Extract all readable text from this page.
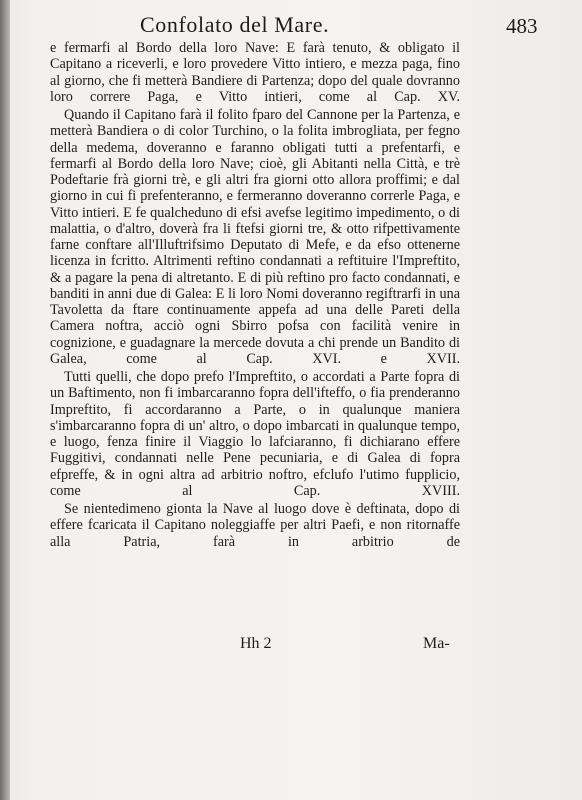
Confolato del Mare.	483

e fermarfi al Bordo della loro Nave: E farà tenuto, & obligato il Capitano a riceverli, e loro provedere Vitto intiero, e mezza paga, fino al giorno, che fi metterà Bandiere di Partenza; dopo del quale dovranno loro correre Paga, e Vitto intieri, come al Cap. XV.

Quando il Capitano farà il folito fparo del Cannone per la Partenza, e metterà Bandiera o di color Turchino, o la folita imbrogliata, per fegno della medema, doveranno e faranno obligati tutti a prefentarfi, e fermarfi al Bordo della loro Nave; cioè, gli Abitanti nella Città, e trè Podeftarie frà giorni trè, e gli altri fra giorni otto allora proffimi; e dal giorno in cui fi prefenteranno, e fermeranno doveranno correrle Paga, e Vitto intieri. E fe qualcheduno di efsi avefse legitimo impedimento, o di malattia, o d'altro, doverà fra li ftefsi giorni tre, & otto rifpettivamente farne conftare all'Illuftrifsimo Deputato di Mefe, e da efso ottenerne licenza in fcritto. Altrimenti reftino condannati a reftituire l'Impreftito, & a pagare la pena di altretanto. E di più reftino pro facto condannati, e banditi in anni due di Galea: E li loro Nomi doveranno regiftrarfi in una Tavoletta da ftare continuamente appefa ad una delle Pareti della Camera noftra, acciò ogni Sbirro pofsa con facilità venire in cognizione, e guadagnare la mercede dovuta a chi prende un Bandito di Galea, come al Cap. XVI. e XVII.

Tutti quelli, che dopo prefo l'Impreftito, o accordati a Parte fopra di un Baftimento, non fi imbarcaranno fopra dell'ifteffo, o fia prenderanno Impreftito, fi accordaranno a Parte, o in qualunque maniera s'imbarcaranno fopra di un' altro, o dopo imbarcati in qualunque tempo, e luogo, fenza finire il Viaggio lo lafciaranno, fi dichiarano effere Fuggitivi, condannati nelle Pene pecuniaria, e di Galea di fopra efpreffe, & in ogni altra ad arbitrio noftro, efclufo l'utimo fupplicio, come al Cap. XVIII.

Se nientedimeno gionta la Nave al luogo dove è deftinata, dopo di effere fcaricata il Capitano noleggiaffe per altri Paefi, e non ritornaffe alla Patria, farà in arbitrio de

Hh 2	Ma-
